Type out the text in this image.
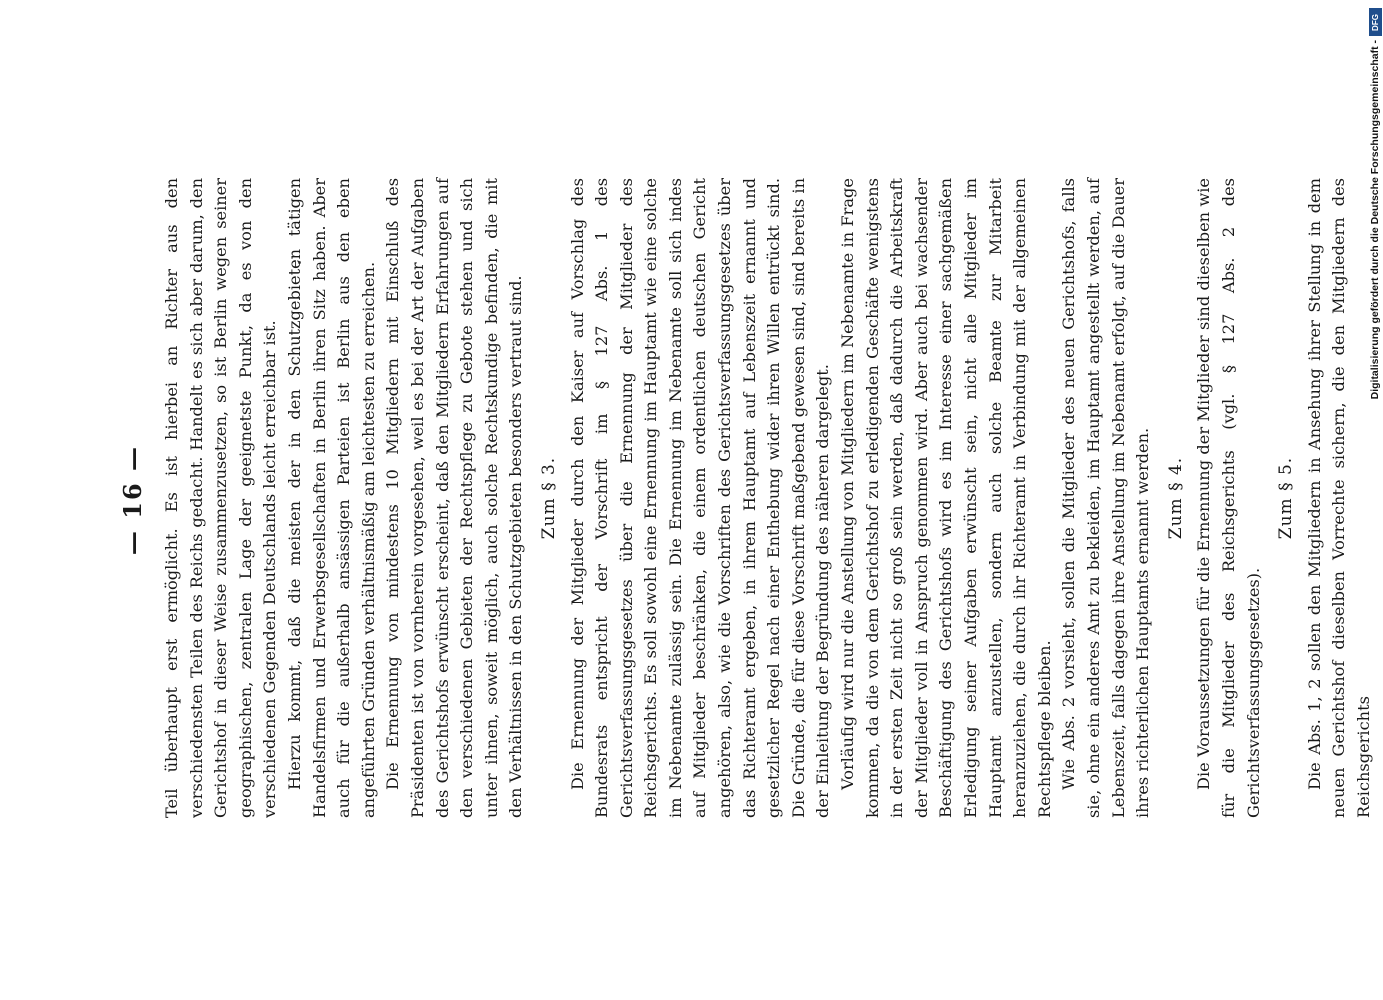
— 16 — Teil überhaupt erst ermöglicht. Es ist hierbei an Richter aus den verschiedensten Teilen des Reichs gedacht. Handelt es sich aber darum, den Gerichtshof in dieser Weise zusammenzusetzen, so ist Berlin wegen seiner geographischen, zentralen Lage der geeignetste Punkt, da es von den verschiedenen Gegenden Deutschlands leicht erreichbar ist. Hierzu kommt, daß die meisten der in den Schutzgebieten tätigen Handelsfirmen und Erwerbsgesellschaften in Berlin ihren Sitz haben. Aber auch für die außerhalb ansässigen Parteien ist Berlin aus den eben angeführten Gründen verhältnismäßig am leichtesten zu erreichen. Die Ernennung von mindestens 10 Mitgliedern mit Einschluß des Präsidenten ist von vornherein vorgesehen, weil es bei der Art der Aufgaben des Gerichtshofs erwünscht erscheint, daß den Mitgliedern Erfahrungen auf den verschiedenen Gebieten der Rechtspflege zu Gebote stehen und sich unter ihnen, soweit möglich, auch solche Rechtskundige befinden, die mit den Verhältnissen in den Schutzgebieten besonders vertraut sind. Zum § 3. Die Ernennung der Mitglieder durch den Kaiser auf Vorschlag des Bundesrats entspricht der Vorschrift im § 127 Abs. 1 des Gerichtsverfassungsgesetzes über die Ernennung der Mitglieder des Reichsgerichts. Es soll sowohl eine Ernennung im Hauptamt wie eine solche im Nebenamte zulässig sein. Die Ernennung im Nebenamte soll sich indes auf Mitglieder beschränken, die einem ordentlichen deutschen Gericht angehören, also, wie die Vorschriften des Gerichtsverfassungsgesetzes über das Richteramt ergeben, in ihrem Hauptamt auf Lebenszeit ernannt und gesetzlicher Regel nach einer Enthebung wider ihren Willen entrückt sind. Die Gründe, die für diese Vorschrift maßgebend gewesen sind, sind bereits in der Einleitung der Begründung des näheren dargelegt. Vorläufig wird nur die Anstellung von Mitgliedern im Nebenamte in Frage kommen, da die von dem Gerichtshof zu erledigenden Geschäfte wenigstens in der ersten Zeit nicht so groß sein werden, daß dadurch die Arbeitskraft der Mitglieder voll in Anspruch genommen wird. Aber auch bei wachsender Beschäftigung des Gerichtshofs wird es im Interesse einer sachgemäßen Erledigung seiner Aufgaben erwünscht sein, nicht alle Mitglieder im Hauptamt anzustellen, sondern auch solche Beamte zur Mitarbeit heranzuziehen, die durch ihr Richteramt in Verbindung mit der allgemeinen Rechtspflege bleiben. Wie Abs. 2 vorsieht, sollen die Mitglieder des neuen Gerichtshofs, falls sie, ohne ein anderes Amt zu bekleiden, im Hauptamt angestellt werden, auf Lebenszeit, falls dagegen ihre Anstellung im Nebenamt erfolgt, auf die Dauer ihres richterlichen Hauptamts ernannt werden. Zum § 4. Die Voraussetzungen für die Ernennung der Mitglieder sind dieselben wie für die Mitglieder des Reichsgerichts (vgl. § 127 Abs. 2 des Gerichtsverfassungsgesetzes).

Zum § 5. Die Abs. 1, 2 sollen den Mitgliedern in Ansehung ihrer Stellung in dem neuen Gerichtshof dieselben Vorrechte sichern, die den Mitgliedern des Reichsgerichts

DFG
Digitalisierung gefördert durch die Deutsche Forschungsgemeinschaft -
